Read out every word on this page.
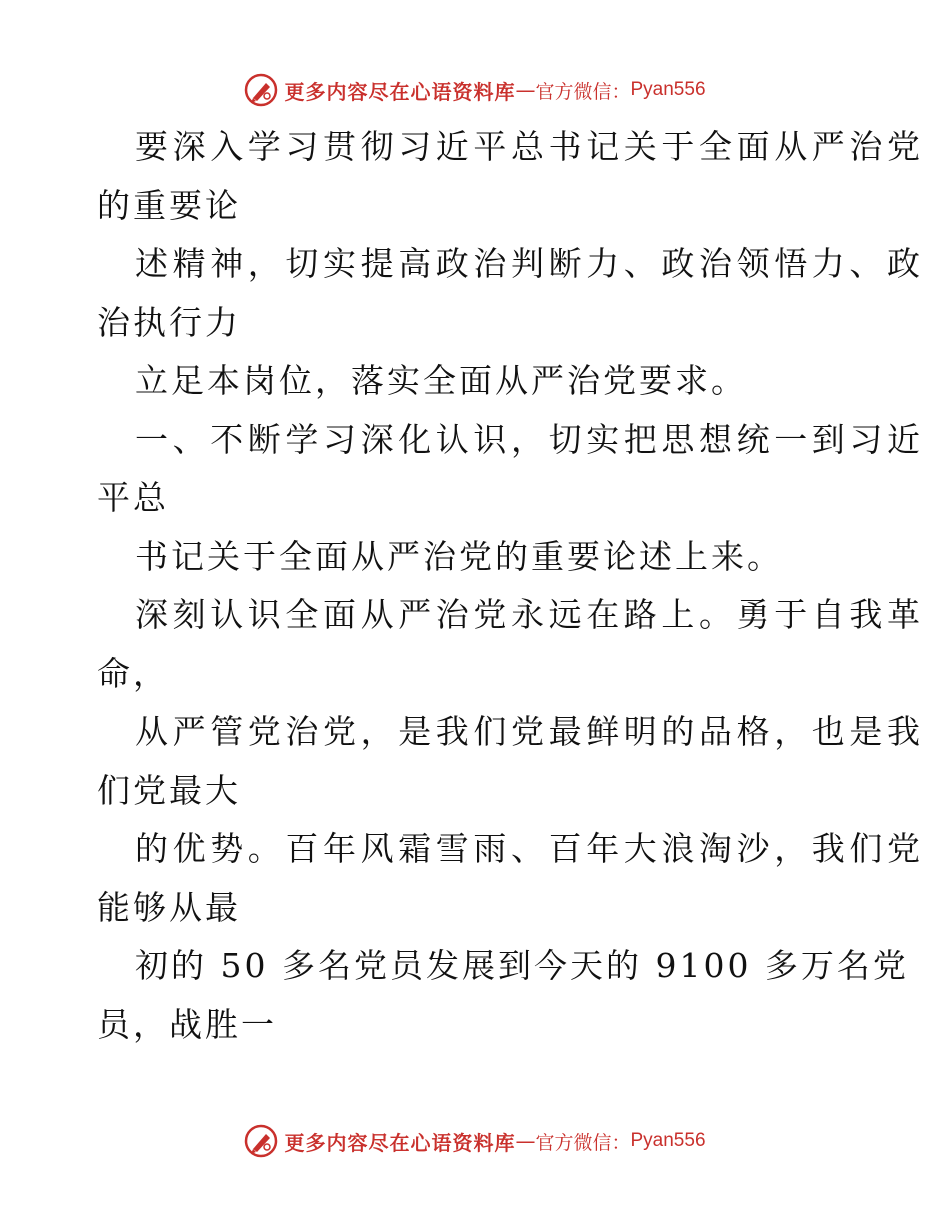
更多内容尽在心语资料库 — 官方微信： Pyan556
要深入学习贯彻习近平总书记关于全面从严治党
的重要论
述精神，切实提高政治判断力、政治领悟力、政
治执行力
立足本岗位，落实全面从严治党要求。
一、不断学习深化认识，切实把思想统一到习近
平总
书记关于全面从严治党的重要论述上来。
深刻认识全面从严治党永远在路上。勇于自我革
命，
从严管党治党，是我们党最鲜明的品格，也是我
们党最大
的优势。百年风霜雪雨、百年大浪淘沙，我们党
能够从最
初的 50 多名党员发展到今天的 9100 多万名党
员，战胜一
更多内容尽在心语资料库 — 官方微信： Pyan556
